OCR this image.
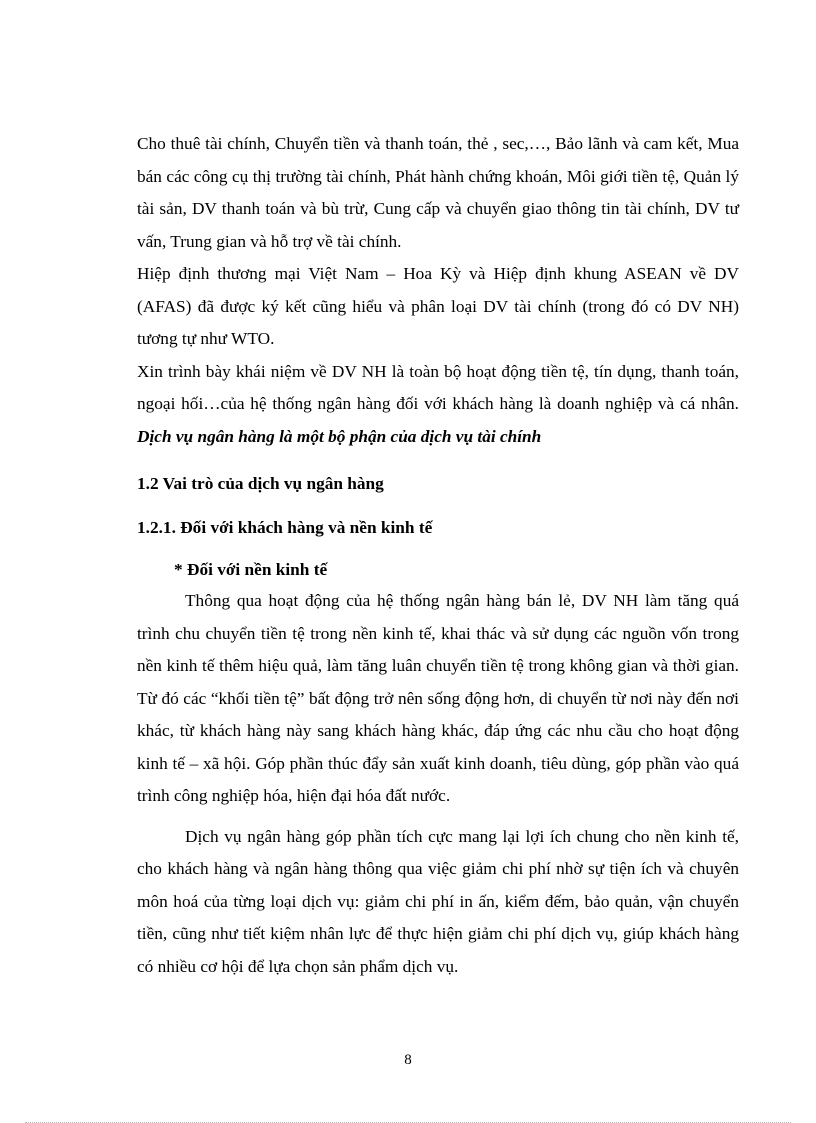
Cho thuê tài chính, Chuyển tiền và thanh toán, thẻ , sec,…, Bảo lãnh và cam kết, Mua bán các công cụ thị trường tài chính, Phát hành chứng khoán, Môi giới tiền tệ, Quản lý tài sản, DV thanh toán và bù trừ, Cung cấp và chuyển giao thông tin tài chính, DV tư vấn, Trung gian và hỗ trợ về tài chính.

Hiệp định thương mại Việt Nam – Hoa Kỳ và Hiệp định khung ASEAN về DV (AFAS) đã được ký kết cũng hiểu và phân loại DV tài chính (trong đó có DV NH) tương tự như WTO.

Xin trình bày khái niệm về DV NH là toàn bộ hoạt động tiền tệ, tín dụng, thanh toán, ngoại hối…của hệ thống ngân hàng đối với khách hàng là doanh nghiệp và cá nhân. Dịch vụ ngân hàng là một bộ phận của dịch vụ tài chính

1.2 Vai trò của dịch vụ ngân hàng
1.2.1. Đối với khách hàng và nền kinh tế
* Đối với nền kinh tế

Thông qua hoạt động của hệ thống ngân hàng bán lẻ, DV NH làm tăng quá trình chu chuyển tiền tệ trong nền kinh tế, khai thác và sử dụng các nguồn vốn trong nền kinh tế thêm hiệu quả, làm tăng luân chuyển tiền tệ trong không gian và thời gian. Từ đó các “khối tiền tệ” bất động trở nên sống động hơn, di chuyển từ nơi này đến nơi khác, từ khách hàng này sang khách hàng khác, đáp ứng các nhu cầu cho hoạt động kinh tế – xã hội. Góp phần thúc đẩy sản xuất kinh doanh, tiêu dùng, góp phần vào quá trình công nghiệp hóa, hiện đại hóa đất nước.

Dịch vụ ngân hàng góp phần tích cực mang lại lợi ích chung cho nền kinh tế, cho khách hàng và ngân hàng thông qua việc giảm chi phí nhờ sự tiện ích và chuyên môn hoá của từng loại dịch vụ: giảm chi phí in ấn, kiểm đếm, bảo quản, vận chuyển tiền, cũng như tiết kiệm nhân lực để thực hiện giảm chi phí dịch vụ, giúp khách hàng có nhiều cơ hội để lựa chọn sản phẩm dịch vụ.

8
